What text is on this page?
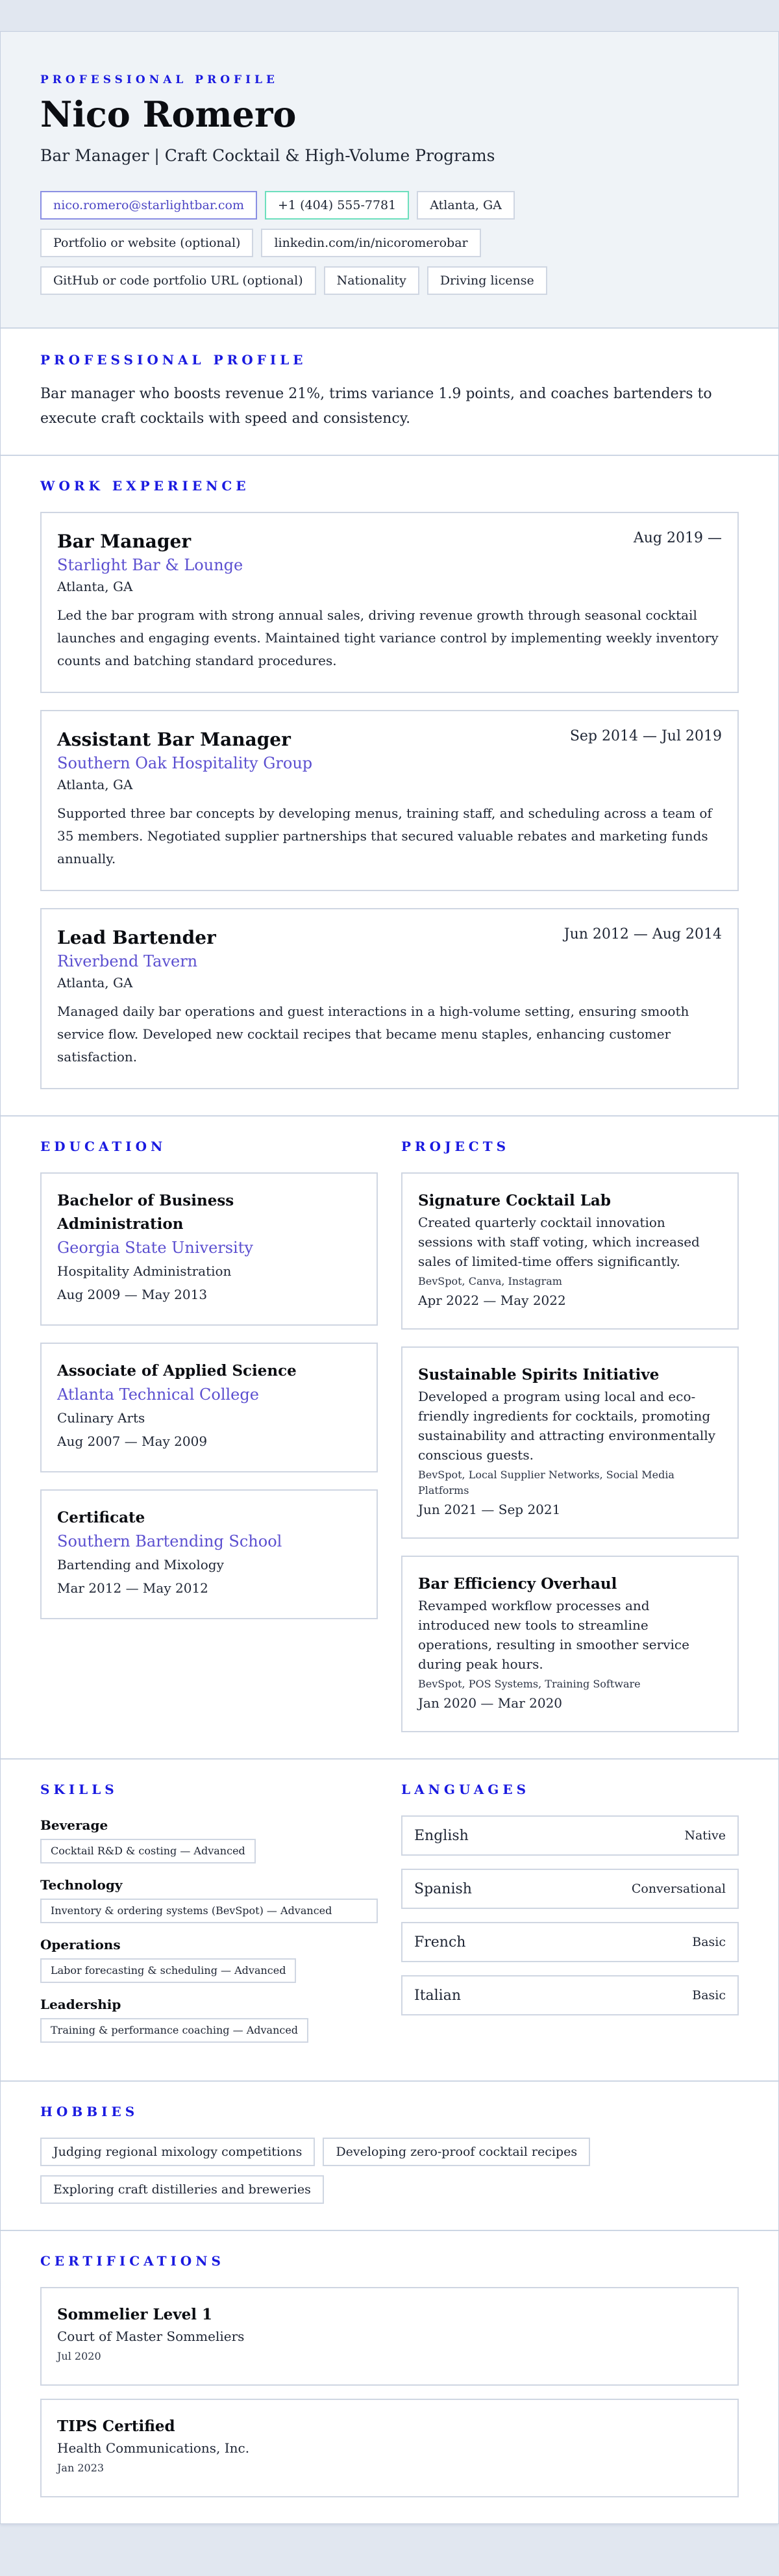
PROFESSIONAL PROFILE
Nico Romero
Bar Manager | Craft Cocktail & High-Volume Programs
nico.romero@starlightbar.com	+1 (404) 555-7781	Atlanta, GA
Portfolio or website (optional)	linkedin.com/in/nicoromerobar
GitHub or code portfolio URL (optional)	Nationality	Driving license
PROFESSIONAL PROFILE

Bar manager who boosts revenue 21%, trims variance 1.9 points, and coaches bartenders to execute craft cocktails with speed and consistency.

WORK EXPERIENCE
Bar Manager	Aug 2019 —
Starlight Bar & Lounge
Atlanta, GA

Led the bar program with strong annual sales, driving revenue growth through seasonal cocktail launches and engaging events. Maintained tight variance control by implementing weekly inventory counts and batching standard procedures.

Assistant Bar Manager	Sep 2014 — Jul 2019
Southern Oak Hospitality Group
Atlanta, GA

Supported three bar concepts by developing menus, training staff, and scheduling across a team of 35 members. Negotiated supplier partnerships that secured valuable rebates and marketing funds annually.

Lead Bartender	Jun 2012 — Aug 2014
Riverbend Tavern
Atlanta, GA

Managed daily bar operations and guest interactions in a high-volume setting, ensuring smooth service flow. Developed new cocktail recipes that became menu staples, enhancing customer satisfaction.

EDUCATION
Bachelor of Business Administration
Georgia State University
Hospitality Administration
Aug 2009 — May 2013
Associate of Applied Science
Atlanta Technical College
Culinary Arts
Aug 2007 — May 2009
Certificate
Southern Bartending School
Bartending and Mixology
Mar 2012 — May 2012
PROJECTS
Signature Cocktail Lab

Created quarterly cocktail innovation sessions with staff voting, which increased sales of limited-time offers significantly.

BevSpot, Canva, Instagram
Apr 2022 — May 2022
Sustainable Spirits Initiative

Developed a program using local and eco-friendly ingredients for cocktails, promoting sustainability and attracting environmentally conscious guests.

BevSpot, Local Supplier Networks, Social Media Platforms
Jun 2021 — Sep 2021
Bar Efficiency Overhaul

Revamped workflow processes and introduced new tools to streamline operations, resulting in smoother service during peak hours.

BevSpot, POS Systems, Training Software
Jan 2020 — Mar 2020
SKILLS
Beverage
Cocktail R&D & costing — Advanced
Technology
Inventory & ordering systems (BevSpot) — Advanced
Operations
Labor forecasting & scheduling — Advanced
Leadership
Training & performance coaching — Advanced
LANGUAGES
English	Native
Spanish	Conversational
French	Basic
Italian	Basic
HOBBIES
Judging regional mixology competitions	Developing zero-proof cocktail recipes
Exploring craft distilleries and breweries
CERTIFICATIONS
Sommelier Level 1
Court of Master Sommeliers
Jul 2020
TIPS Certified
Health Communications, Inc.
Jan 2023
